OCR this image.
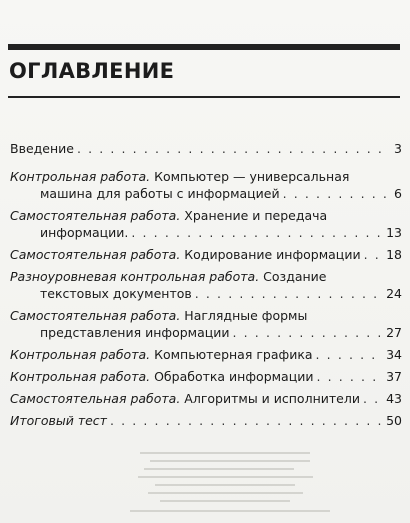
ОГЛАВЛЕНИЕ
Введение . . .	3
Контрольная работа. Компьютер — универсальная
машина для работы с информацией . . .	6
Самостоятельная работа. Хранение и передача
информации. . . .	13
Самостоятельная работа.
Кодирование информации . . . 18
Разноуровневая контрольная работа. Создание
текстовых документов . . .	24
Самостоятельная работа. Наглядные формы
представления информации . . .	27
Контрольная работа.
Компьютерная графика . . .	34
Контрольная работа.
Обработка информации . . .	37
Самостоятельная работа.
Алгоритмы и исполнители . . . 43
Итоговый тест . . .	50
